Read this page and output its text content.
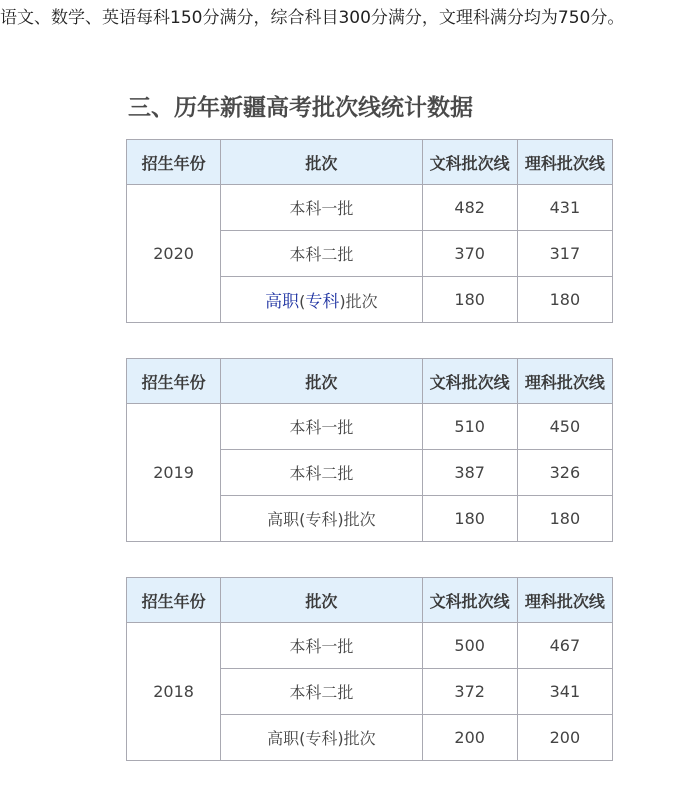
语文、数学、英语每科150分满分，综合科目300分满分，文理科满分均为750分。
三、历年新疆高考批次线统计数据
招生年份	批次	文科批次线	理科批次线
2020	本科一批	482	431
	本科二批	370	317
	高职(专科)批次	180	180
招生年份	批次	文科批次线	理科批次线
2019	本科一批	510	450
	本科二批	387	326
	高职(专科)批次	180	180
招生年份	批次	文科批次线	理科批次线
2018	本科一批	500	467
	本科二批	372	341
	高职(专科)批次	200	200
